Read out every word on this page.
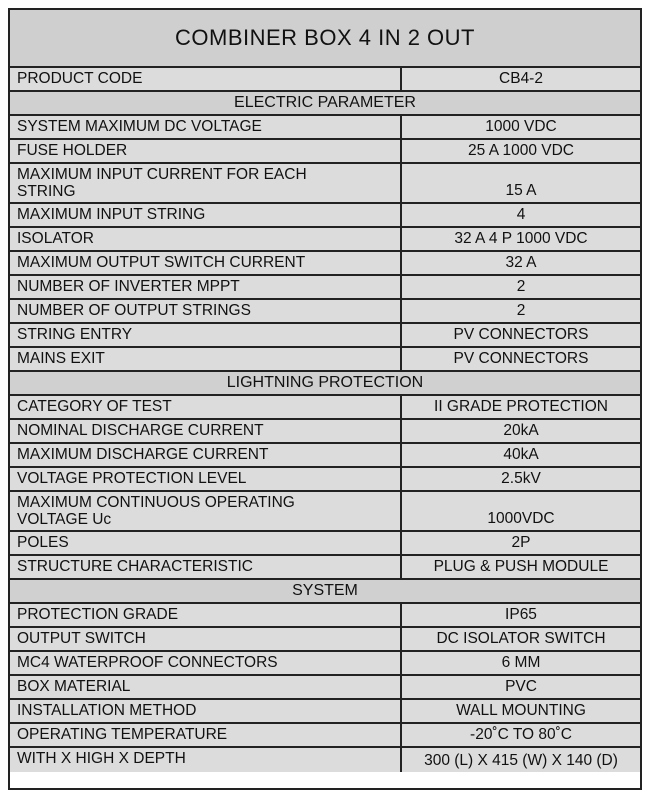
COMBINER BOX 4 IN 2 OUT
PRODUCT CODE	CB4-2
ELECTRIC PARAMETER
SYSTEM MAXIMUM DC VOLTAGE	1000 VDC
FUSE HOLDER	25 A 1000 VDC
MAXIMUM INPUT CURRENT FOR EACH
STRING	15 A
MAXIMUM INPUT STRING	4
ISOLATOR	32 A 4 P 1000 VDC
MAXIMUM OUTPUT SWITCH CURRENT	32 A
NUMBER OF INVERTER MPPT	2
NUMBER OF OUTPUT STRINGS	2
STRING ENTRY	PV CONNECTORS
MAINS EXIT	PV CONNECTORS
LIGHTNING PROTECTION
CATEGORY OF TEST	II GRADE PROTECTION
NOMINAL DISCHARGE CURRENT	20kA
MAXIMUM DISCHARGE CURRENT	40kA
VOLTAGE PROTECTION LEVEL	2.5kV
MAXIMUM CONTINUOUS OPERATING
VOLTAGE Uc	1000VDC
POLES	2P
STRUCTURE CHARACTERISTIC	PLUG & PUSH MODULE
SYSTEM
PROTECTION GRADE	IP65
OUTPUT SWITCH	DC ISOLATOR SWITCH
MC4 WATERPROOF CONNECTORS	6 MM
BOX MATERIAL	PVC
INSTALLATION METHOD	WALL MOUNTING
OPERATING TEMPERATURE	-20˚C TO 80˚C
WITH X HIGH X DEPTH	300 (L) X 415 (W) X 140 (D)
